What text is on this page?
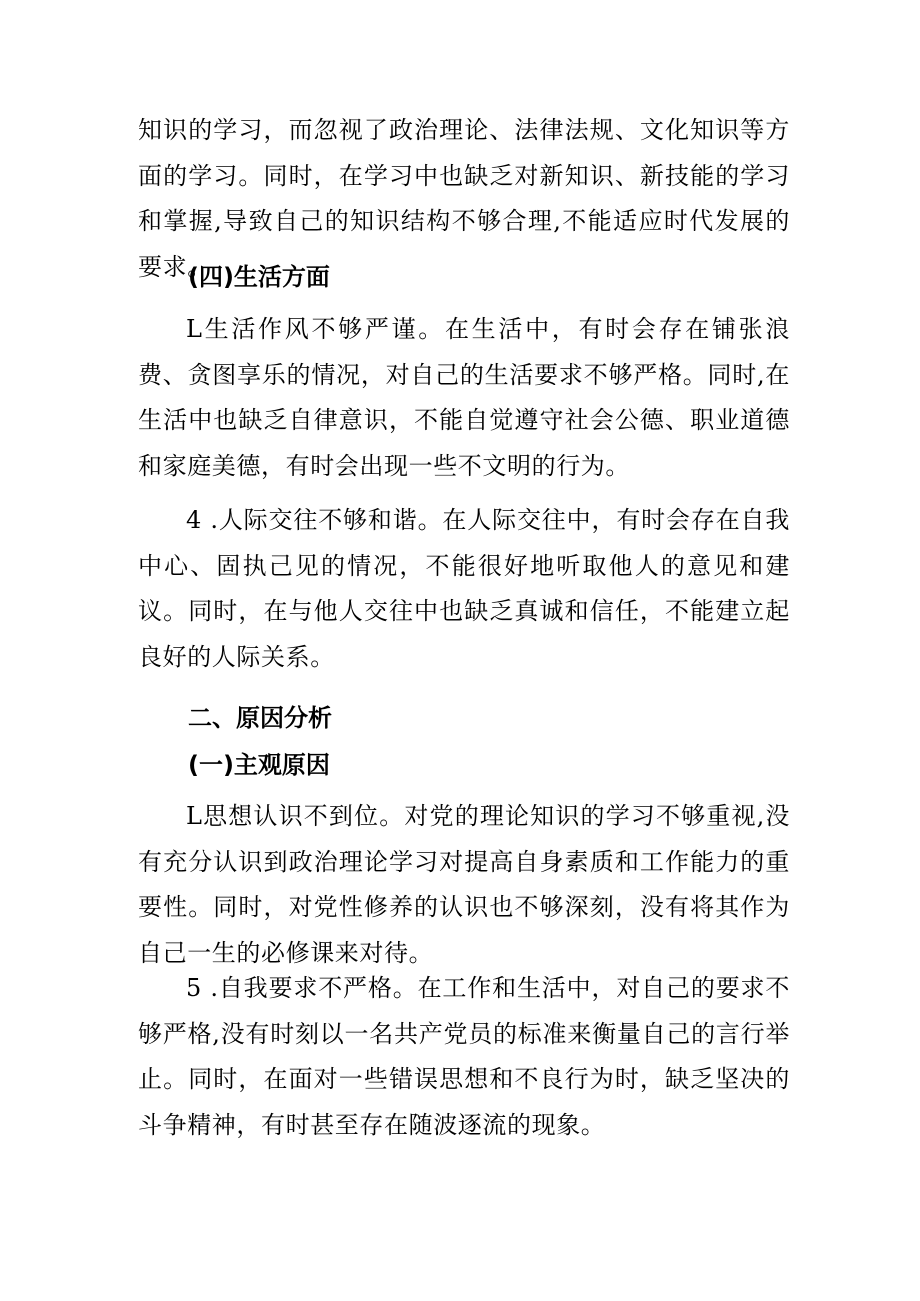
知识的学习，而忽视了政治理论、法律法规、文化知识等方面的学习。同时，在学习中也缺乏对新知识、新技能的学习和掌握,导致自己的知识结构不够合理,不能适应时代发展的要求。

(四)生活方面

L生活作风不够严谨。在生活中，有时会存在铺张浪费、贪图享乐的情况，对自己的生活要求不够严格。同时,在生活中也缺乏自律意识，不能自觉遵守社会公德、职业道德和家庭美德，有时会出现一些不文明的行为。

4 .人际交往不够和谐。在人际交往中，有时会存在自我中心、固执己见的情况，不能很好地听取他人的意见和建议。同时，在与他人交往中也缺乏真诚和信任，不能建立起良好的人际关系。

二、原因分析
(一)主观原因

L思想认识不到位。对党的理论知识的学习不够重视,没有充分认识到政治理论学习对提高自身素质和工作能力的重要性。同时，对党性修养的认识也不够深刻，没有将其作为自己一生的必修课来对待。

5 .自我要求不严格。在工作和生活中，对自己的要求不够严格,没有时刻以一名共产党员的标准来衡量自己的言行举止。同时，在面对一些错误思想和不良行为时，缺乏坚决的斗争精神，有时甚至存在随波逐流的现象。
